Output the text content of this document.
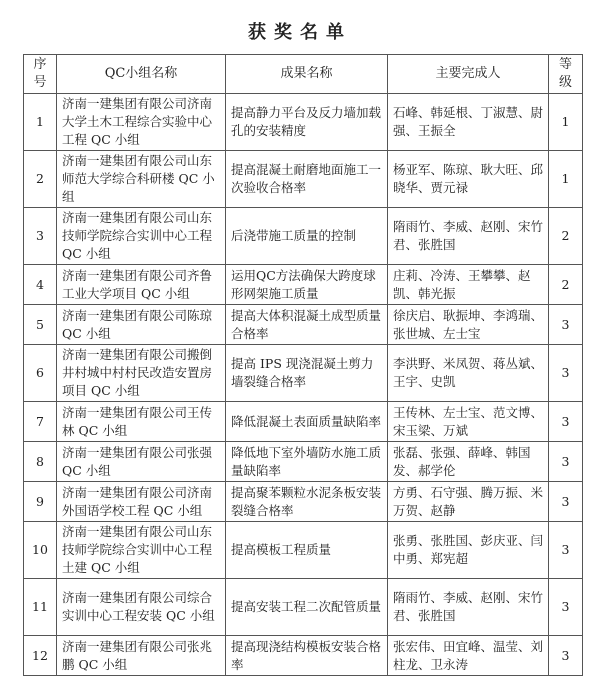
获奖名单
序号	QC小组名称	成果名称	主要完成人	等级
1	济南一建集团有限公司济南大学土木工程综合实验中心工程 QC 小组	提高静力平台及反力墙加载孔的安装精度	石峰、韩延根、丁淑慧、尉强、王振全	1
2	济南一建集团有限公司山东师范大学综合科研楼 QC 小组	提高混凝土耐磨地面施工一次验收合格率	杨亚军、陈琼、耿大旺、邱晓华、贾元禄	1
3	济南一建集团有限公司山东技师学院综合实训中心工程 QC 小组	后浇带施工质量的控制	隋雨竹、李威、赵刚、宋竹君、张胜国	2
4	济南一建集团有限公司齐鲁工业大学项目 QC 小组	运用QC方法确保大跨度球形网架施工质量	庄莉、冷涛、王攀攀、赵凯、韩光振	2
5	济南一建集团有限公司陈琼 QC 小组	提高大体积混凝土成型质量合格率	徐庆启、耿振坤、李鸿瑞、张世城、左士宝	3
6	济南一建集团有限公司搬倒井村城中村村民改造安置房项目 QC 小组	提高 IPS 现浇混凝土剪力墙裂缝合格率	李洪野、米凤贺、蒋丛斌、王宇、史凯	3
7	济南一建集团有限公司王传林 QC 小组	降低混凝土表面质量缺陷率	王传林、左士宝、范文博、宋玉梁、万斌	3
8	济南一建集团有限公司张强 QC 小组	降低地下室外墙防水施工质量缺陷率	张磊、张强、薛峰、韩国发、郝学伦	3
9	济南一建集团有限公司济南外国语学校工程 QC 小组	提高聚苯颗粒水泥条板安装裂缝合格率	方勇、石守强、腾万振、米万贺、赵静	3
10	济南一建集团有限公司山东技师学院综合实训中心工程土建 QC 小组	提高模板工程质量	张勇、张胜国、彭庆亚、闫中勇、郑宪超	3
11	济南一建集团有限公司综合实训中心工程安装 QC 小组	提高安装工程二次配管质量	隋雨竹、李威、赵刚、宋竹君、张胜国	3
12	济南一建集团有限公司张兆鹏 QC 小组	提高现浇结构模板安装合格率	张宏伟、田宜峰、温莹、刘柱龙、卫永涛	3
